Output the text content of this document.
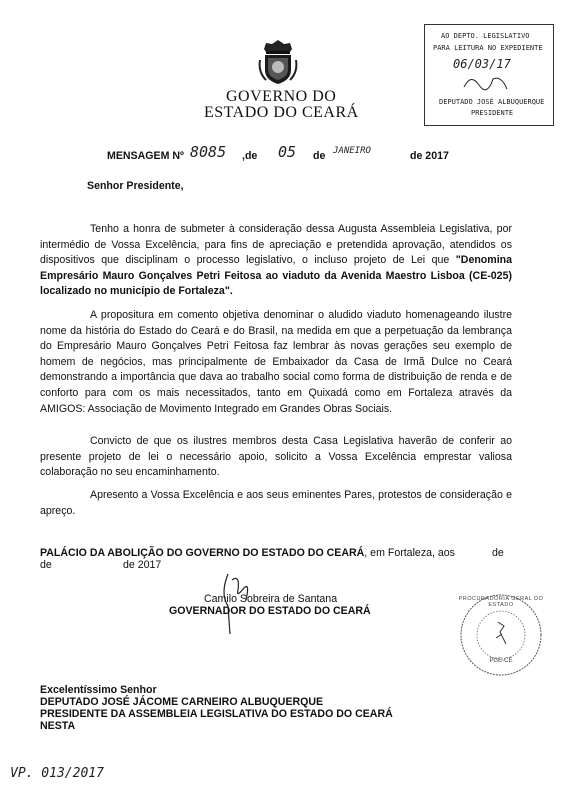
GOVERNO DO
ESTADO DO CEARÁ
AO DEPTO. LEGISLATIVO
PARA LEITURA NO EXPEDIENTE
06/03/17
DEPUTADO JOSÉ ALBUQUERQUE
PRESIDENTE
MENSAGEM Nº 8085 ,de 05 de JANEIRO	de 2017
Senhor Presidente,

Tenho a honra de submeter à consideração dessa Augusta Assembleia Legislativa, por intermédio de Vossa Excelência, para fins de apreciação e pretendida aprovação, atendidos os dispositivos que disciplinam o processo legislativo, o incluso projeto de Lei que "Denomina Empresário Mauro Gonçalves Petri Feitosa ao viaduto da Avenida Maestro Lisboa (CE-025) localizado no município de Fortaleza".

A propositura em comento objetiva denominar o aludido viaduto homenageando ilustre nome da história do Estado do Ceará e do Brasil, na medida em que a perpetuação da lembrança do Empresário Mauro Gonçalves Petri Feitosa faz lembrar às novas gerações seu exemplo de homem de negócios, mas principalmente de Embaixador da Casa de Irmã Dulce no Ceará demonstrando a importância que dava ao trabalho social como forma de distribuição de renda e de conforto para com os mais necessitados, tanto em Quixadá como em Fortaleza através da AMIGOS: Associação de Movimento Integrado em Grandes Obras Sociais.

Convicto de que os ilustres membros desta Casa Legislativa haverão de conferir ao presente projeto de lei o necessário apoio, solicito a Vossa Excelência emprestar valiosa colaboração no seu encaminhamento.

Apresento a Vossa Excelência e aos seus eminentes Pares, protestos de consideração e apreço.

PALÁCIO DA ABOLIÇÃO DO GOVERNO DO ESTADO DO CEARÁ, em Fortaleza, aos	de
de	de 2017
Camilo Sobreira de Santana
GOVERNADOR DO ESTADO DO CEARÁ
PROCURADORIA GERAL DO ESTADO
PGE-CE
Excelentíssimo Senhor
DEPUTADO JOSÉ JÁCOME CARNEIRO ALBUQUERQUE
PRESIDENTE DA ASSEMBLEIA LEGISLATIVA DO ESTADO DO CEARÁ
NESTA
VP. 013/2017
